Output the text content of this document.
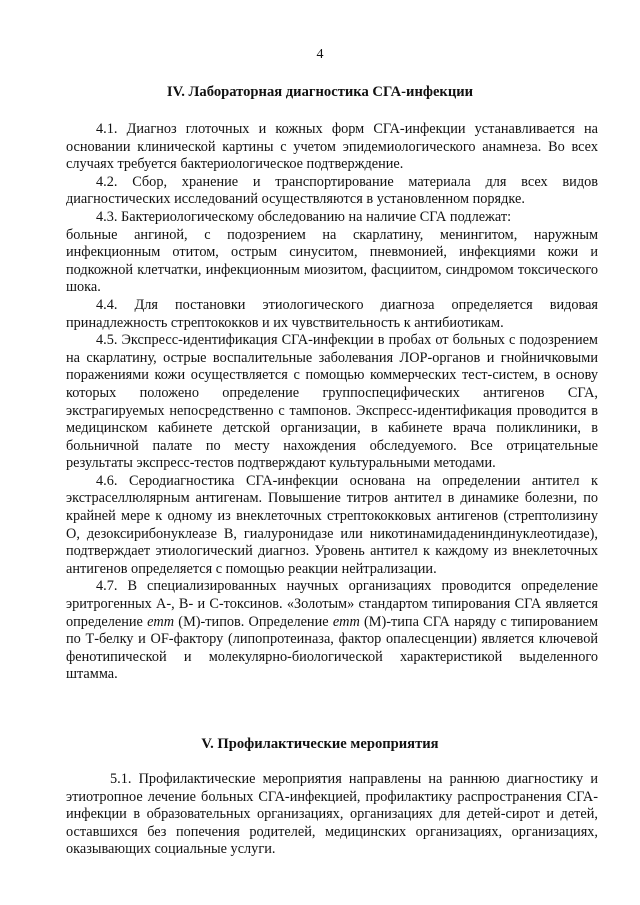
4
IV. Лабораторная диагностика СГА-инфекции

4.1. Диагноз глоточных и кожных форм СГА-инфекции устанавливается на основании клинической картины с учетом эпидемиологического анамнеза. Во всех случаях требуется бактериологическое подтверждение.

4.2. Сбор, хранение и транспортирование материала для всех видов диагностических исследований осуществляются в установленном порядке.

4.3. Бактериологическому обследованию на наличие СГА подлежат:

больные ангиной, с подозрением на скарлатину, менингитом, наружным инфекционным отитом, острым синуситом, пневмонией, инфекциями кожи и подкожной клетчатки, инфекционным миозитом, фасциитом, синдромом токсического шока.

4.4. Для постановки этиологического диагноза определяется видовая принадлежность стрептококков и их чувствительность к антибиотикам.

4.5. Экспресс-идентификация СГА-инфекции в пробах от больных с подозрением на скарлатину, острые воспалительные заболевания ЛОР-органов и гнойничковыми поражениями кожи осуществляется с помощью коммерческих тест-систем, в основу которых положено определение группоспецифических антигенов СГА, экстрагируемых непосредственно с тампонов. Экспресс-идентификация проводится в медицинском кабинете детской организации, в кабинете врача поликлиники, в больничной палате по месту нахождения обследуемого. Все отрицательные результаты экспресс-тестов подтверждают культуральными методами.

4.6. Серодиагностика СГА-инфекции основана на определении антител к экстраселлюлярным антигенам. Повышение титров антител в динамике болезни, по крайней мере к одному из внеклеточных стрептококковых антигенов (стрептолизину О, дезоксирибонуклеазе В, гиалуронидазе или никотинамидадениндинуклеотидазе), подтверждает этиологический диагноз. Уровень антител к каждому из внеклеточных антигенов определяется с помощью реакции нейтрализации.

4.7. В специализированных научных организациях проводится определение эритрогенных А-, В- и С-токсинов. «Золотым» стандартом типирования СГА является определение emm (М)-типов. Определение emm (М)-типа СГА наряду с типированием по Т-белку и OF-фактору (липопротеиназа, фактор опалесценции) является ключевой фенотипической и молекулярно-биологической характеристикой выделенного штамма.

V. Профилактические мероприятия

5.1. Профилактические мероприятия направлены на раннюю диагностику и этиотропное лечение больных СГА-инфекцией, профилактику распространения СГА-инфекции в образовательных организациях, организациях для детей-сирот и детей, оставшихся без попечения родителей, медицинских организациях, организациях, оказывающих социальные услуги.
